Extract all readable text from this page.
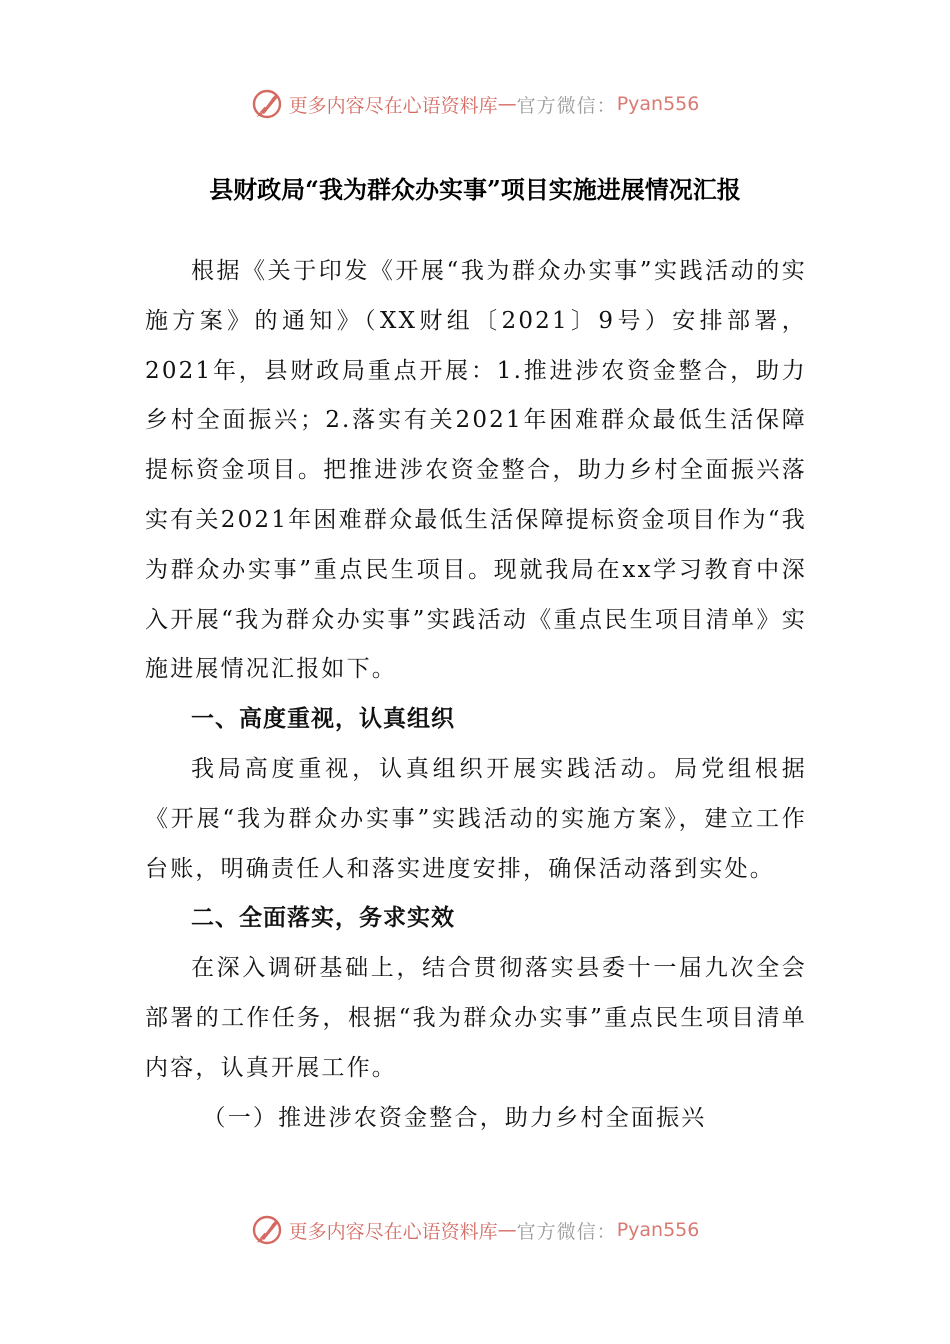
更多内容尽在心语资料库 — 官方微信： Pyan556
县财政局“我为群众办实事”项目实施进展情况汇报

根据《关于印发《开展“我为群众办实事”实践活动的实施方案》的通知》（XX财组〔2021〕9号）安排部署，2021年，县财政局重点开展：1.推进涉农资金整合，助力乡村全面振兴；2.落实有关2021年困难群众最低生活保障提标资金项目。把推进涉农资金整合，助力乡村全面振兴落实有关2021年困难群众最低生活保障提标资金项目作为“我为群众办实事”重点民生项目。现就我局在xx学习教育中深入开展“我为群众办实事”实践活动《重点民生项目清单》实施进展情况汇报如下。

一、高度重视，认真组织

我局高度重视，认真组织开展实践活动。局党组根据《开展“我为群众办实事”实践活动的实施方案》，建立工作台账，明确责任人和落实进度安排，确保活动落到实处。

二、全面落实，务求实效

在深入调研基础上，结合贯彻落实县委十一届九次全会部署的工作任务，根据“我为群众办实事”重点民生项目清单内容，认真开展工作。

（一）推进涉农资金整合，助力乡村全面振兴

更多内容尽在心语资料库 — 官方微信： Pyan556
